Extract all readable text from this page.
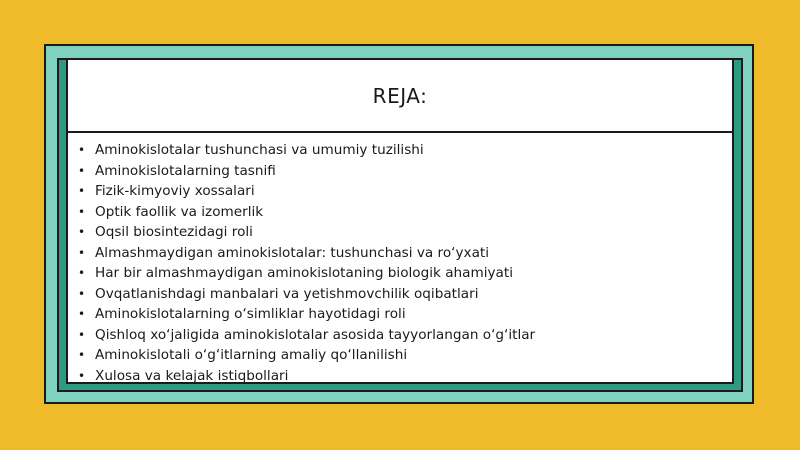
REJA:
• Aminokislotalar tushunchasi va umumiy tuzilishi
• Aminokislotalarning tasnifi
• Fizik-kimyoviy xossalari
• Optik faollik va izomerlik
• Oqsil biosintezidagi roli
• Almashmaydigan aminokislotalar: tushunchasi va ro‘yxati
• Har bir almashmaydigan aminokislotaning biologik ahamiyati
• Ovqatlanishdagi manbalari va yetishmovchilik oqibatlari
• Aminokislotalarning o‘simliklar hayotidagi roli
• Qishloq xo‘jaligida aminokislotalar asosida tayyorlangan o‘g‘itlar
• Aminokislotali o‘g‘itlarning amaliy qo‘llanilishi
• Xulosa va kelajak istiqbollari
